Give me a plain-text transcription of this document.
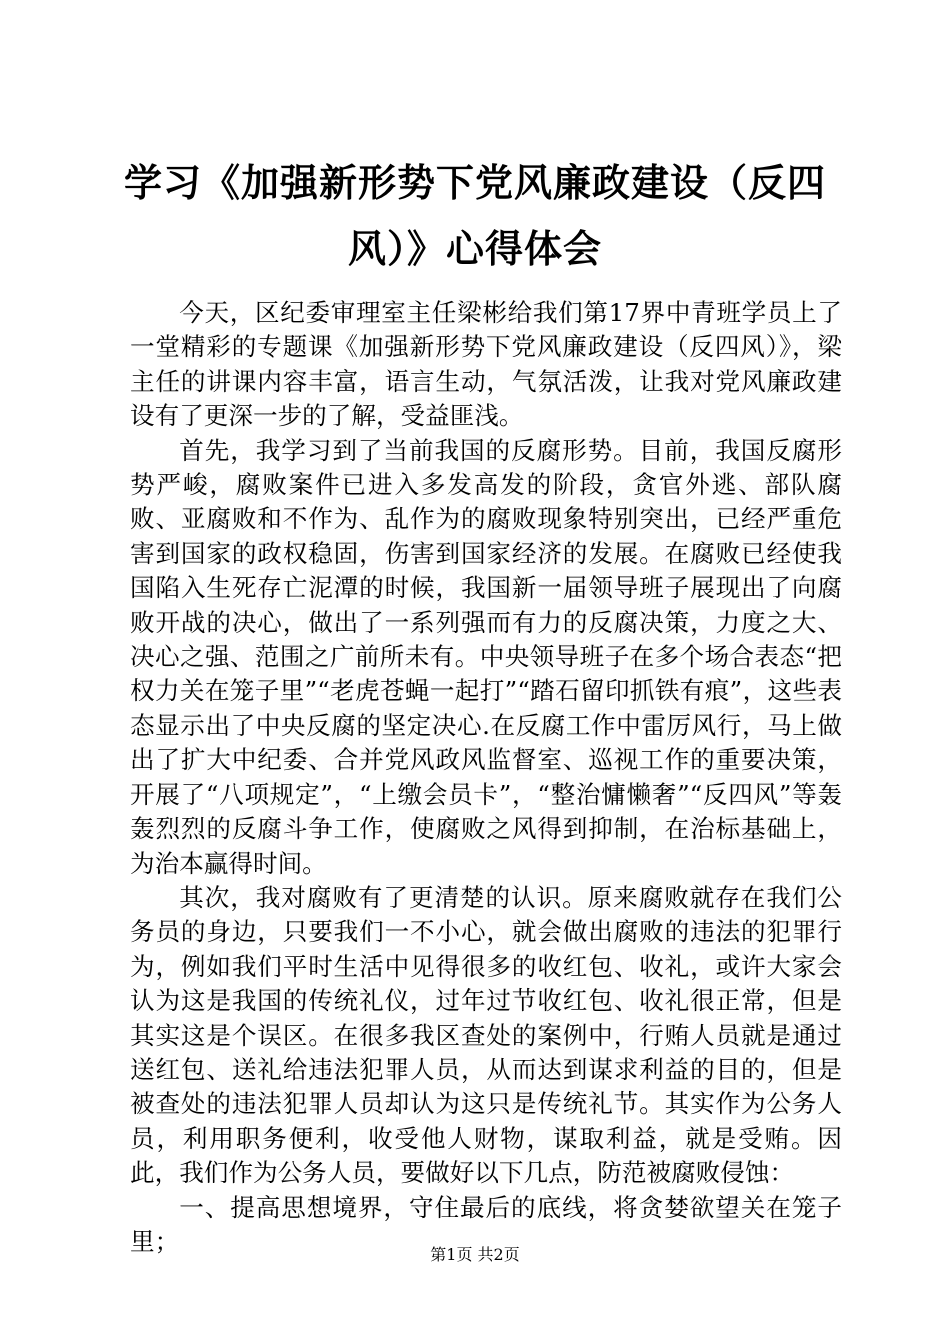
学习《加强新形势下党风廉政建设（反四风）》心得体会

今天，区纪委审理室主任梁彬给我们第17界中青班学员上了一堂精彩的专题课《加强新形势下党风廉政建设（反四风）》，梁主任的讲课内容丰富，语言生动，气氛活泼，让我对党风廉政建设有了更深一步的了解，受益匪浅。

首先，我学习到了当前我国的反腐形势。目前，我国反腐形势严峻，腐败案件已进入多发高发的阶段，贪官外逃、部队腐败、亚腐败和不作为、乱作为的腐败现象特别突出，已经严重危害到国家的政权稳固，伤害到国家经济的发展。在腐败已经使我国陷入生死存亡泥潭的时候，我国新一届领导班子展现出了向腐败开战的决心，做出了一系列强而有力的反腐决策，力度之大、决心之强、范围之广前所未有。中央领导班子在多个场合表态“把权力关在笼子里”“老虎苍蝇一起打”“踏石留印抓铁有痕”，这些表态显示出了中央反腐的坚定决心.在反腐工作中雷厉风行，马上做出了扩大中纪委、合并党风政风监督室、巡视工作的重要决策，开展了“八项规定”，“上缴会员卡”，“整治慵懒奢”“反四风”等轰轰烈烈的反腐斗争工作，使腐败之风得到抑制，在治标基础上，为治本赢得时间。

其次，我对腐败有了更清楚的认识。原来腐败就存在我们公务员的身边，只要我们一不小心，就会做出腐败的违法的犯罪行为，例如我们平时生活中见得很多的收红包、收礼，或许大家会认为这是我国的传统礼仪，过年过节收红包、收礼很正常，但是其实这是个误区。在很多我区查处的案例中，行贿人员就是通过送红包、送礼给违法犯罪人员，从而达到谋求利益的目的，但是被查处的违法犯罪人员却认为这只是传统礼节。其实作为公务人员，利用职务便利，收受他人财物，谋取利益，就是受贿。因此，我们作为公务人员，要做好以下几点，防范被腐败侵蚀：

一、提高思想境界，守住最后的底线，将贪婪欲望关在笼子里；	第1页 共2页
